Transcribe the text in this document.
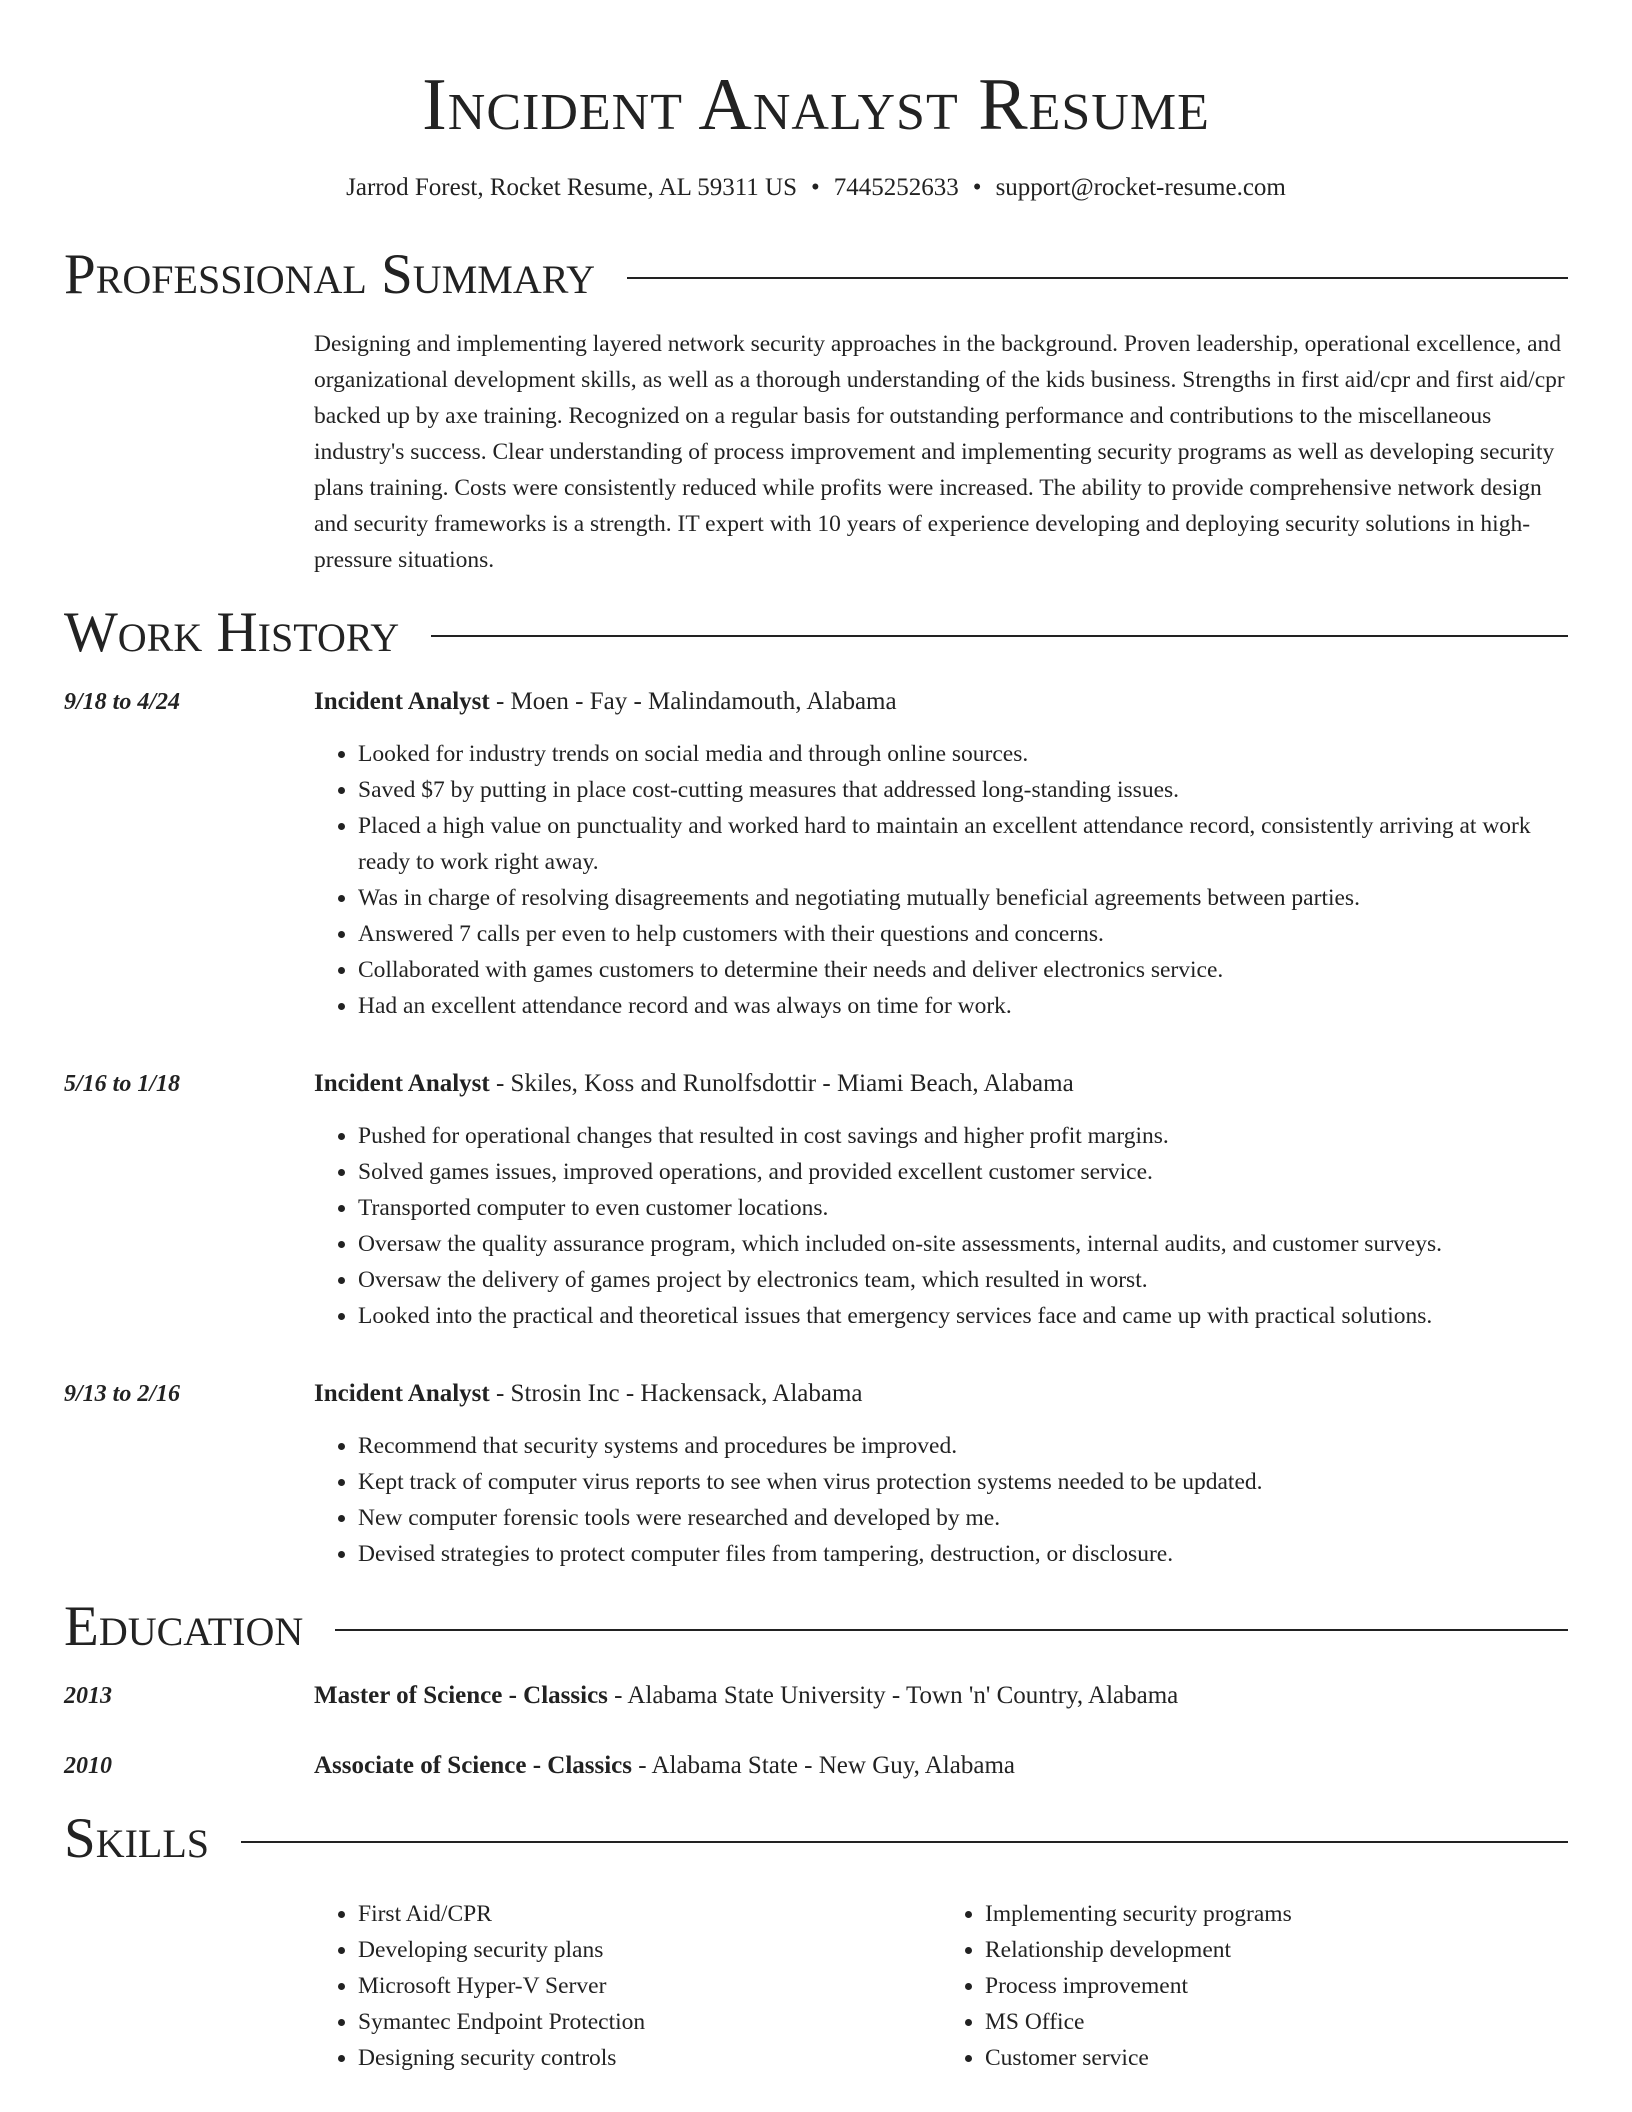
Incident Analyst Resume
Jarrod Forest, Rocket Resume, AL 59311 US • 7445252633 • support@rocket-resume.com
Professional Summary
Designing and implementing layered network security approaches in the background. Proven leadership, operational excellence, and organizational development skills, as well as a thorough understanding of the kids business. Strengths in first aid/cpr and first aid/cpr backed up by axe training. Recognized on a regular basis for outstanding performance and contributions to the miscellaneous industry's success. Clear understanding of process improvement and implementing security programs as well as developing security plans training. Costs were consistently reduced while profits were increased. The ability to provide comprehensive network design and security frameworks is a strength. IT expert with 10 years of experience developing and deploying security solutions in high-pressure situations.
Work History
9/18 to 4/24	Incident Analyst - Moen - Fay - Malindamouth, Alabama
• Looked for industry trends on social media and through online sources.
• Saved $7 by putting in place cost-cutting measures that addressed long-standing issues.
• Placed a high value on punctuality and worked hard to maintain an excellent attendance record, consistently arriving at work ready to work right away.
• Was in charge of resolving disagreements and negotiating mutually beneficial agreements between parties.
• Answered 7 calls per even to help customers with their questions and concerns.
• Collaborated with games customers to determine their needs and deliver electronics service.
• Had an excellent attendance record and was always on time for work.
5/16 to 1/18	Incident Analyst - Skiles, Koss and Runolfsdottir - Miami Beach, Alabama
• Pushed for operational changes that resulted in cost savings and higher profit margins.
• Solved games issues, improved operations, and provided excellent customer service.
• Transported computer to even customer locations.
• Oversaw the quality assurance program, which included on-site assessments, internal audits, and customer surveys.
• Oversaw the delivery of games project by electronics team, which resulted in worst.
• Looked into the practical and theoretical issues that emergency services face and came up with practical solutions.
9/13 to 2/16	Incident Analyst - Strosin Inc - Hackensack, Alabama
• Recommend that security systems and procedures be improved.
• Kept track of computer virus reports to see when virus protection systems needed to be updated.
• New computer forensic tools were researched and developed by me.
• Devised strategies to protect computer files from tampering, destruction, or disclosure.
Education
2013	Master of Science - Classics - Alabama State University - Town 'n' Country, Alabama
2010	Associate of Science - Classics - Alabama State - New Guy, Alabama
Skills
• First Aid/CPR
• Developing security plans
• Microsoft Hyper-V Server
• Symantec Endpoint Protection
• Designing security controls
• Implementing security programs
• Relationship development
• Process improvement
• MS Office
• Customer service
